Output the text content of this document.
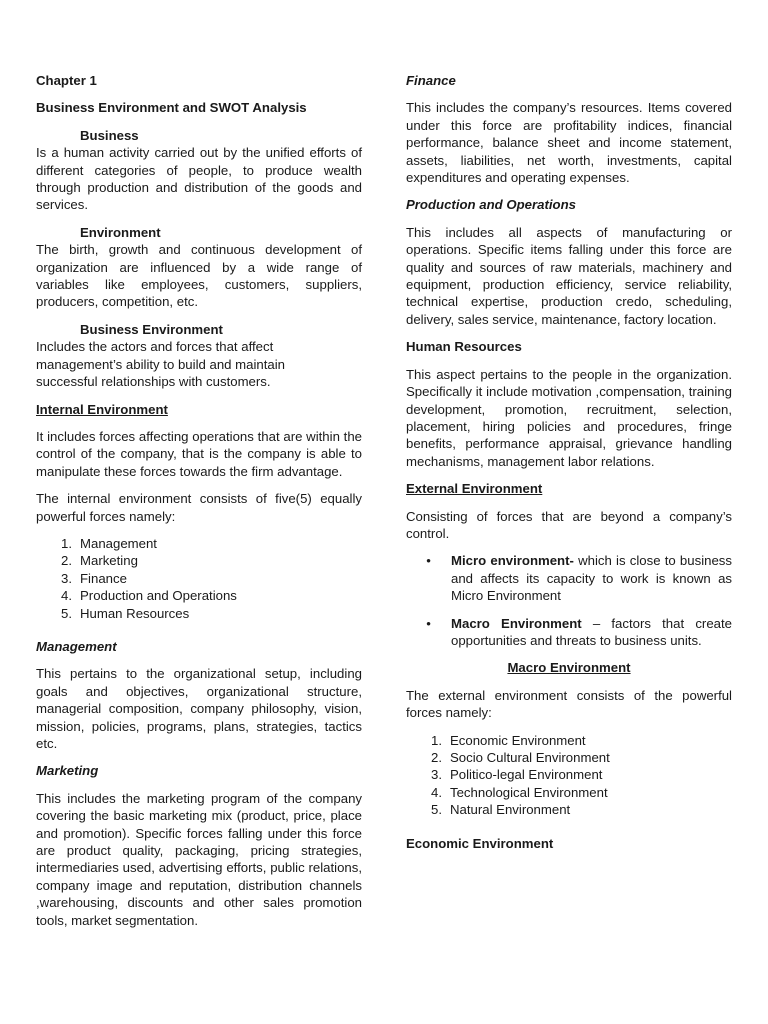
Chapter 1

Business Environment and SWOT Analysis

Business

Is a human activity carried out by the unified efforts of different categories of people, to produce wealth through production and distribution of the goods and services.

Environment

The birth, growth and continuous development of organization are influenced by a wide range of variables like employees, customers, suppliers, producers, competition, etc.

Business Environment

Includes the actors and forces that affect
management’s ability to build and maintain
successful relationships with customers.

Internal Environment

It includes forces affecting operations that are within the control of the company, that is the company is able to manipulate these forces towards the firm advantage.

The internal environment consists of five(5) equally powerful forces namely:

1. Management
2. Marketing
3. Finance
4. Production and Operations
5. Human Resources

Management

This pertains to the organizational setup, including goals and objectives, organizational structure, managerial composition, company philosophy, vision, mission, policies, programs, plans, strategies, tactics etc.

Marketing

This includes the marketing program of the company covering the basic marketing mix (product, price, place and promotion). Specific forces falling under this force are product quality, packaging, pricing strategies, intermediaries used, advertising efforts, public relations, company image and reputation, distribution channels ,warehousing, discounts and other sales promotion tools, market segmentation.

Finance

This includes the company’s resources. Items covered under this force are profitability indices, financial performance, balance sheet and income statement, assets, liabilities, net worth, investments, capital expenditures and operating expenses.

Production and Operations

This includes all aspects of manufacturing or operations. Specific items falling under this force are quality and sources of raw materials, machinery and equipment, production efficiency, service reliability, technical expertise, production credo, scheduling, delivery, sales service, maintenance, factory location.

Human Resources

This aspect pertains to the people in the organization. Specifically it include motivation ,compensation, training development, promotion, recruitment, selection, placement, hiring policies and procedures, fringe benefits, performance appraisal, grievance handling mechanisms, management labor relations.

External Environment

Consisting of forces that are beyond a company’s control.

•	Micro environment- which is close to business and affects its capacity to work is known as Micro Environment

•	Macro Environment – factors that create opportunities and threats to business units.

Macro Environment

The external environment consists of the powerful forces namely:

1. Economic Environment
2. Socio Cultural Environment
3. Politico-legal Environment
4. Technological Environment
5. Natural Environment

Economic Environment
